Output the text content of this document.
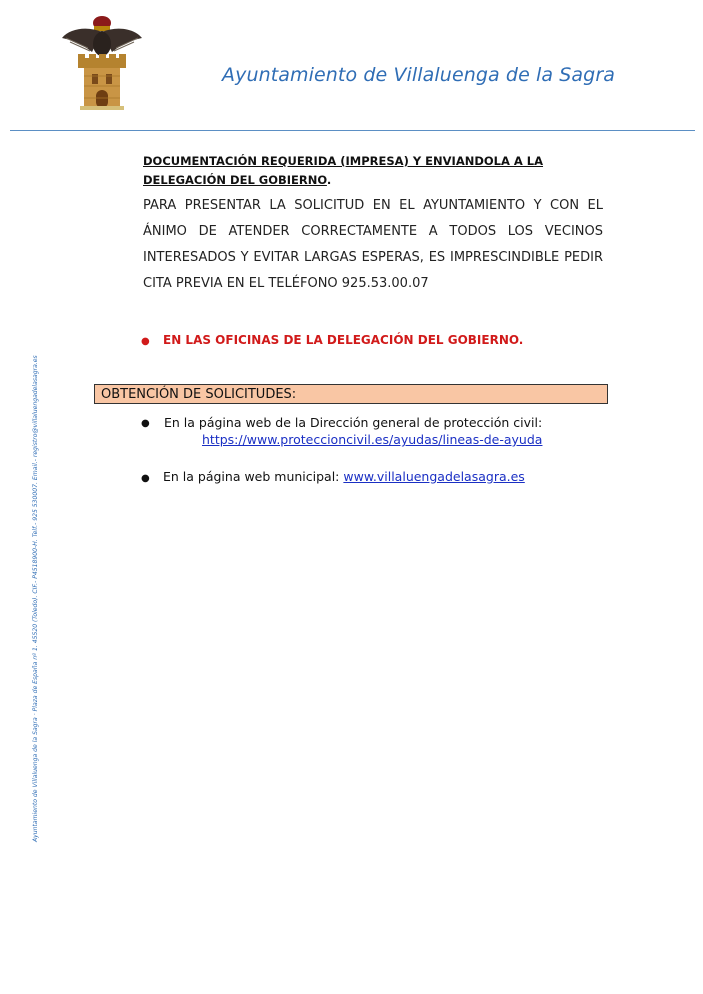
Ayuntamiento de Villaluenga de la Sagra
Ayuntamiento de Villaluenga de la Sagra · Plaza de España nº 1. 45520 (Toledo). CIF.- P4518900-H. Telf.- 925 530007. Email.- registro@villaluengadelasagra.es
DOCUMENTACIÓN REQUERIDA (IMPRESA) Y ENVIANDOLA A LA DELEGACIÓN DEL GOBIERNO.
PARA PRESENTAR LA SOLICITUD EN EL AYUNTAMIENTO Y CON EL ÁNIMO DE ATENDER CORRECTAMENTE A TODOS LOS VECINOS INTERESADOS Y EVITAR LARGAS ESPERAS, ES IMPRESCINDIBLE PEDIR CITA PREVIA EN EL TELÉFONO 925.53.00.07
● EN LAS OFICINAS DE LA DELEGACIÓN DEL GOBIERNO.
OBTENCIÓN DE SOLICITUDES:
● En la página web de la Dirección general de protección civil:
https://www.proteccioncivil.es/ayudas/lineas-de-ayuda
● En la página web municipal: www.villaluengadelasagra.es
